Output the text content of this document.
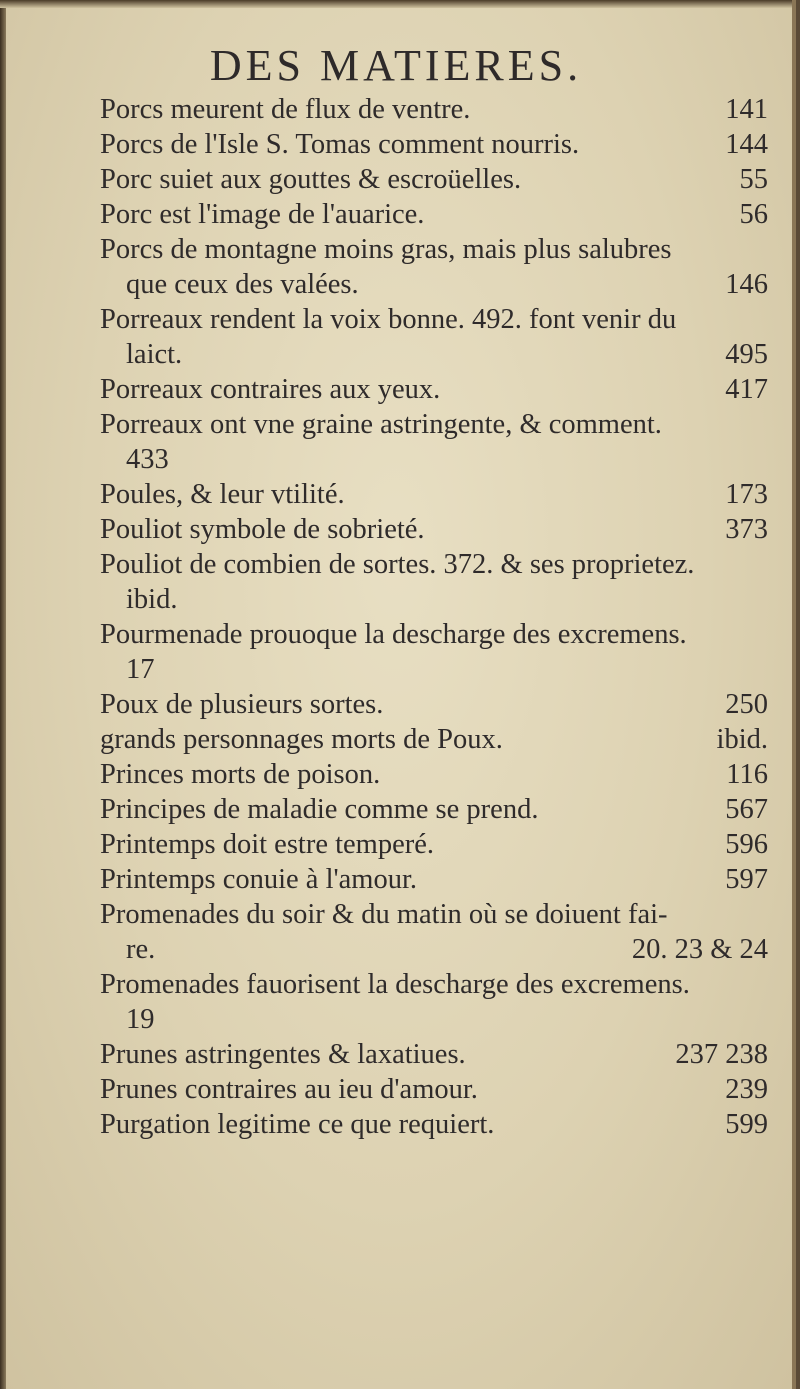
DES MATIERES.
Porcs meurent de flux de ventre.	141
Porcs de l'Isle S. Tomas comment nourris.	144
Porc suiet aux gouttes & escroüelles.	55
Porc est l'image de l'auarice.	56
Porcs de montagne moins gras, mais plus salubres
que ceux des valées.	146
Porreaux rendent la voix bonne. 492. font venir du
laict.	495
Porreaux contraires aux yeux.	417
Porreaux ont vne graine astringente, & comment.
433
Poules, & leur vtilité.	173
Pouliot symbole de sobrieté.	373
Pouliot de combien de sortes. 372. & ses proprietez.
ibid.
Pourmenade prouoque la descharge des excremens.
17
Poux de plusieurs sortes.	250
grands personnages morts de Poux.	ibid.
Princes morts de poison.	116
Principes de maladie comme se prend.	567
Printemps doit estre temperé.	596
Printemps conuie à l'amour.	597
Promenades du soir & du matin où se doiuent fai-
re.	20. 23 & 24
Promenades fauorisent la descharge des excremens.
19
Prunes astringentes & laxatiues.	237 238
Prunes contraires au ieu d'amour.	239
Purgation legitime ce que requiert.	599
